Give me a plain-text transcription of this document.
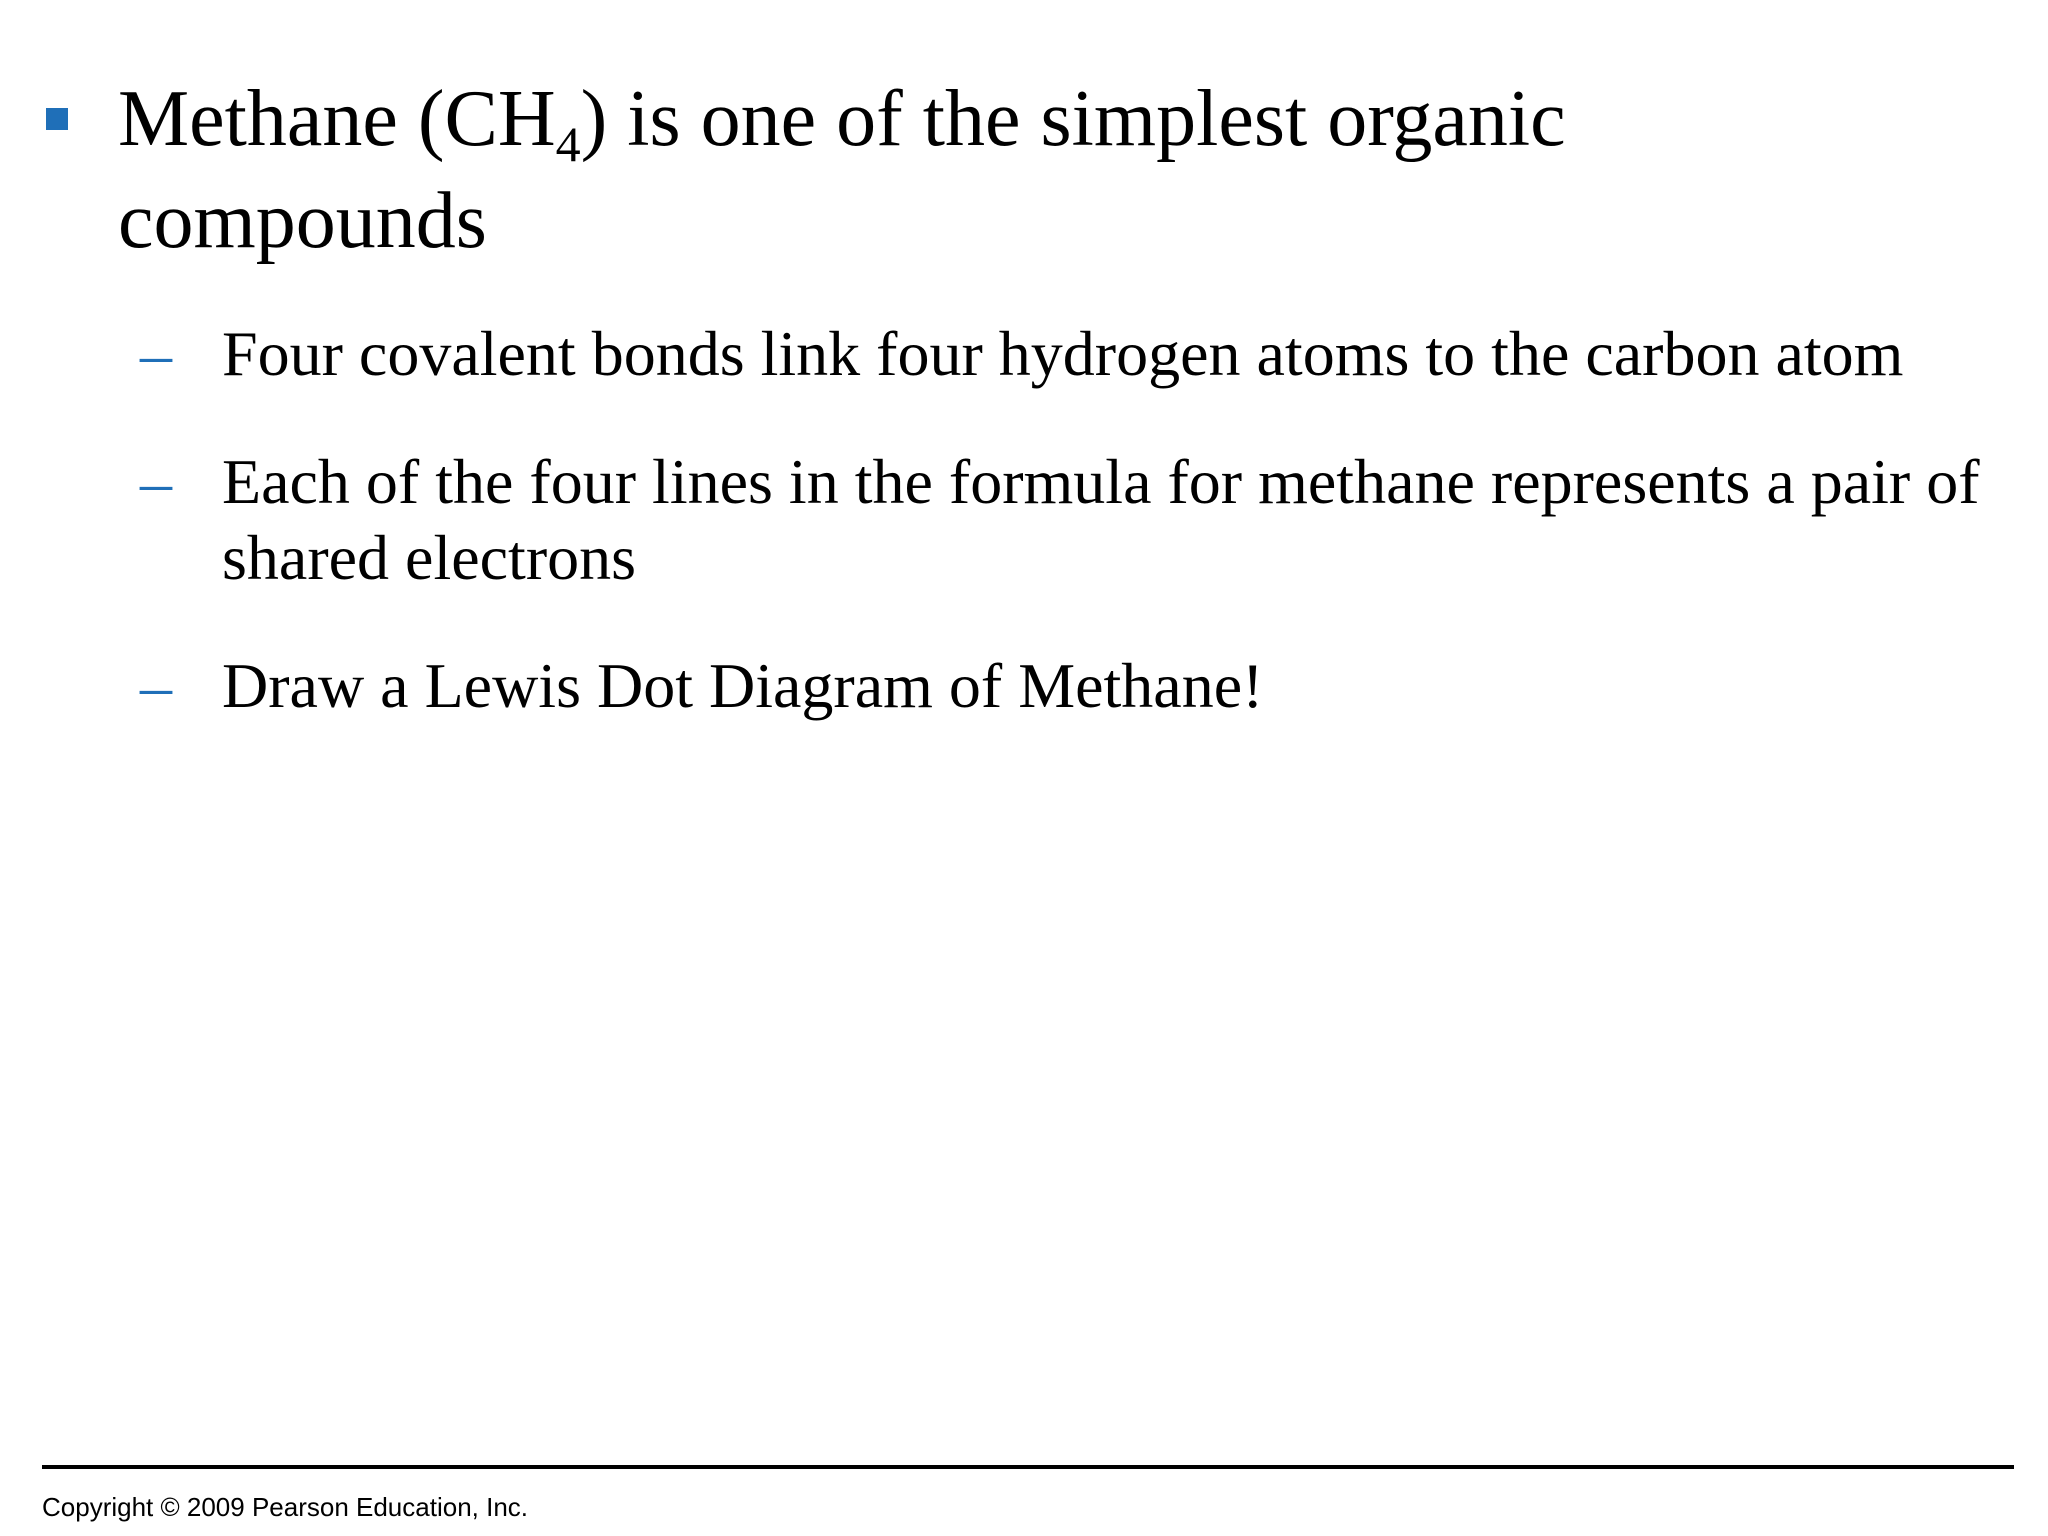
Methane $(CH_4)$ is one of the simplest organic compounds
– Four covalent bonds link four hydrogen atoms to the carbon atom
– Each of the four lines in the formula for methane represents a pair of shared electrons
– Draw a Lewis Dot Diagram of Methane!
Copyright © 2009 Pearson Education, Inc.
